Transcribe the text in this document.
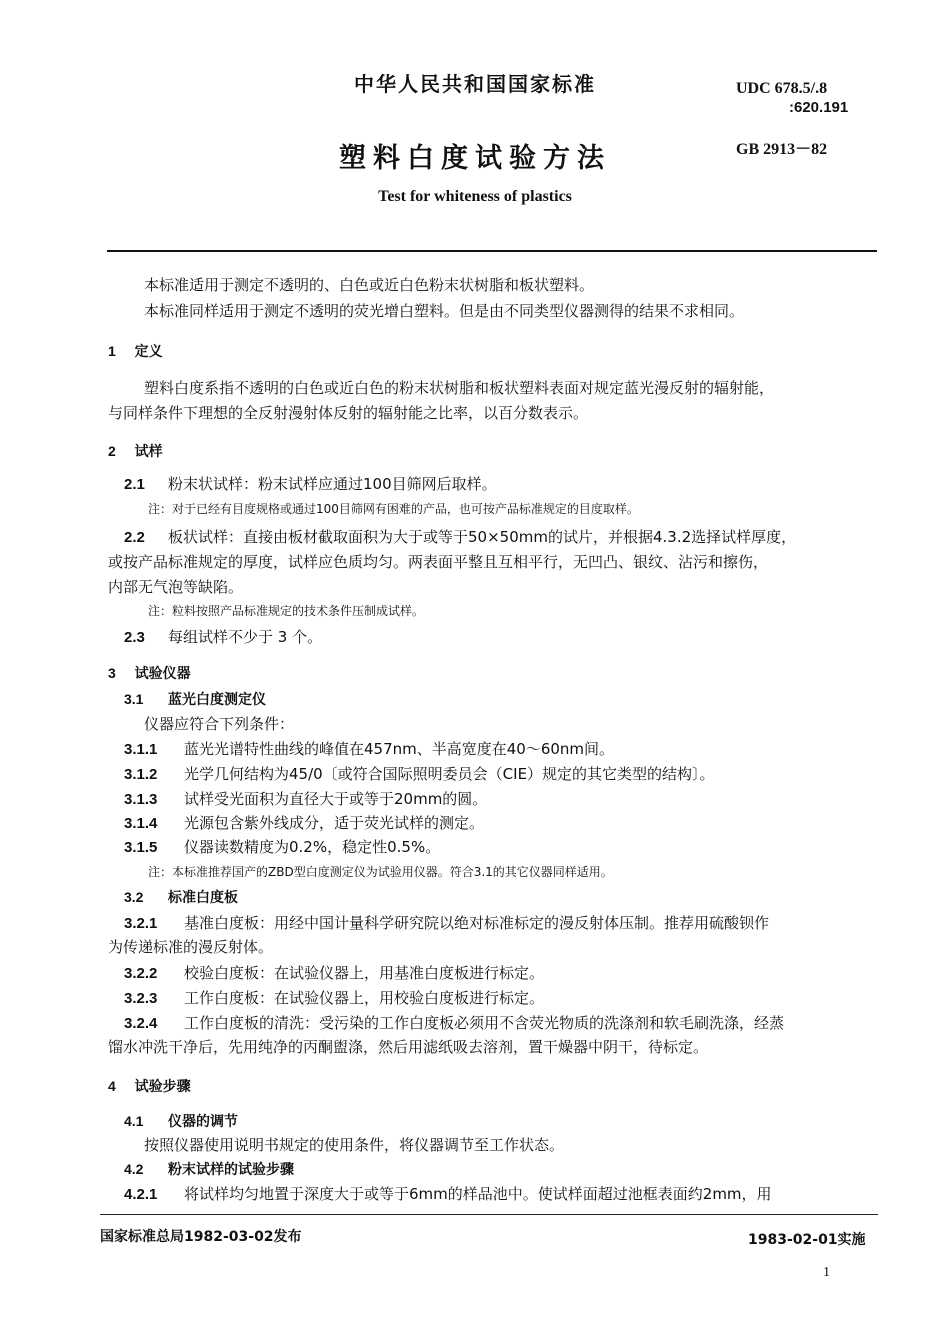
中华人民共和国国家标准	UDC 678.5/.8
:620.191
塑料白度试验方法	GB 2913－82
Test for whiteness of plastics
本标准适用于测定不透明的、白色或近白色粉末状树脂和板状塑料。
本标准同样适用于测定不透明的荧光增白塑料。但是由不同类型仪器测得的结果不求相同。
1 定义
塑料白度系指不透明的白色或近白色的粉末状树脂和板状塑料表面对规定蓝光漫反射的辐射能，
与同样条件下理想的全反射漫射体反射的辐射能之比率，以百分数表示。
2 试样
2.1 粉末状试样：粉末试样应通过100目筛网后取样。
注：对于已经有目度规格或通过100目筛网有困难的产品，也可按产品标准规定的目度取样。
2.2 板状试样：直接由板材截取面积为大于或等于50×50mm的试片，并根据4.3.2选择试样厚度，
或按产品标准规定的厚度，试样应色质均匀。两表面平整且互相平行，无凹凸、银纹、沾污和擦伤，
内部无气泡等缺陷。
注：粒料按照产品标准规定的技术条件压制成试样。
2.3 每组试样不少于 3 个。
3 试验仪器
3.1 蓝光白度测定仪
仪器应符合下列条件：
3.1.1 蓝光光谱特性曲线的峰值在457nm、半高宽度在40～60nm间。
3.1.2 光学几何结构为45/0〔或符合国际照明委员会（CIE）规定的其它类型的结构〕。
3.1.3 试样受光面积为直径大于或等于20mm的圆。
3.1.4 光源包含紫外线成分，适于荧光试样的测定。
3.1.5 仪器读数精度为0.2%，稳定性0.5%。
注：本标准推荐国产的ZBD型白度测定仪为试验用仪器。符合3.1的其它仪器同样适用。
3.2 标准白度板
3.2.1 基准白度板：用经中国计量科学研究院以绝对标准标定的漫反射体压制。推荐用硫酸钡作
为传递标准的漫反射体。
3.2.2 校验白度板：在试验仪器上，用基准白度板进行标定。
3.2.3 工作白度板：在试验仪器上，用校验白度板进行标定。
3.2.4 工作白度板的清洗：受污染的工作白度板必须用不含荧光物质的洗涤剂和软毛刷洗涤，经蒸
馏水冲洗干净后，先用纯净的丙酮盥涤，然后用滤纸吸去溶剂，置干燥器中阴干，待标定。
4 试验步骤
4.1 仪器的调节
按照仪器使用说明书规定的使用条件，将仪器调节至工作状态。
4.2 粉末试样的试验步骤
4.2.1 将试样均匀地置于深度大于或等于6mm的样品池中。使试样面超过池框表面约2mm，用
国家标准总局1982-03-02发布	1983-02-01实施
1
